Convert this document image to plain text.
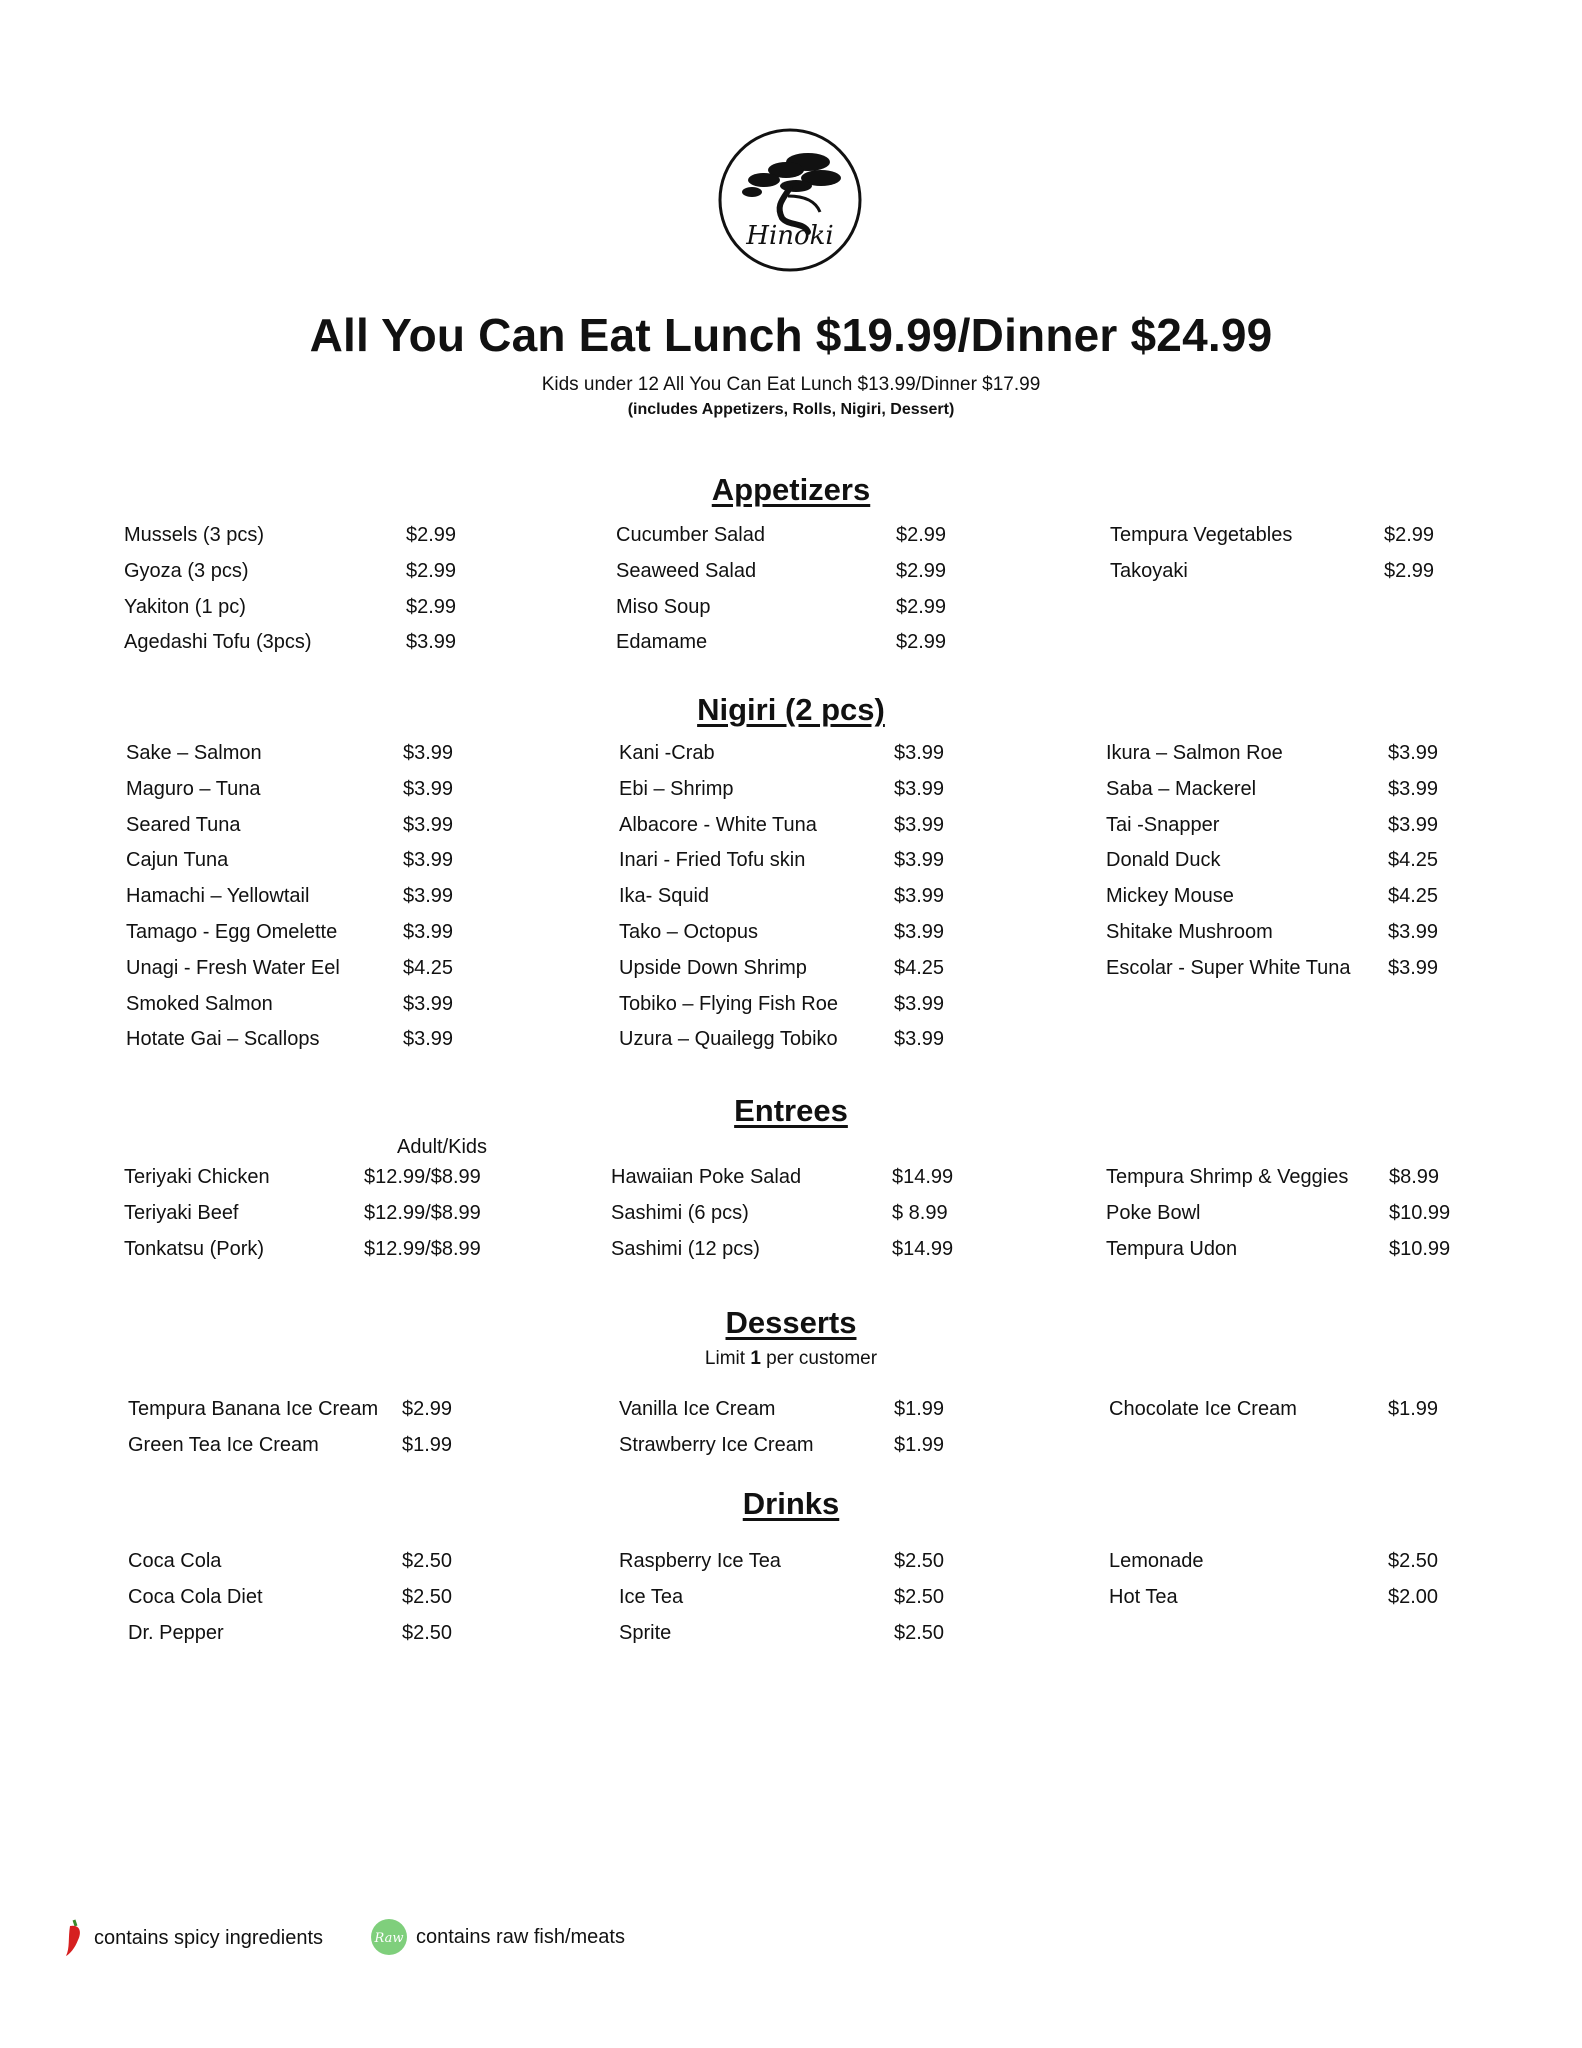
Hinoki
All You Can Eat Lunch $19.99/Dinner $24.99
Kids under 12 All You Can Eat Lunch $13.99/Dinner $17.99
(includes Appetizers, Rolls, Nigiri, Dessert)
Appetizers
Mussels (3 pcs)	$2.99
Gyoza (3 pcs)	$2.99
Yakiton (1 pc)	$2.99
Agedashi Tofu (3pcs)	$3.99
Cucumber Salad	$2.99
Seaweed Salad	$2.99
Miso Soup	$2.99
Edamame	$2.99
Tempura Vegetables	$2.99
Takoyaki	$2.99
Nigiri (2 pcs)
Sake – Salmon	$3.99
Maguro – Tuna	$3.99
Seared Tuna	$3.99
Cajun Tuna	$3.99
Hamachi – Yellowtail	$3.99
Tamago - Egg Omelette	$3.99
Unagi - Fresh Water Eel	$4.25
Smoked Salmon	$3.99
Hotate Gai – Scallops	$3.99
Kani -Crab	$3.99
Ebi – Shrimp	$3.99
Albacore - White Tuna	$3.99
Inari - Fried Tofu skin	$3.99
Ika- Squid	$3.99
Tako – Octopus	$3.99
Upside Down Shrimp	$4.25
Tobiko – Flying Fish Roe	$3.99
Uzura – Quailegg Tobiko	$3.99
Ikura – Salmon Roe	$3.99
Saba – Mackerel	$3.99
Tai -Snapper	$3.99
Donald Duck	$4.25
Mickey Mouse	$4.25
Shitake Mushroom	$3.99
Escolar - Super White Tuna $3.99
Entrees
Adult/Kids
Teriyaki Chicken	$12.99/$8.99
Teriyaki Beef	$12.99/$8.99
Tonkatsu (Pork)	$12.99/$8.99
Hawaiian Poke Salad	$14.99
Sashimi (6 pcs)	$ 8.99
Sashimi (12 pcs)	$14.99
Tempura Shrimp & Veggies $8.99
Poke Bowl	$10.99
Tempura Udon	$10.99
Desserts
Limit 1 per customer
Tempura Banana Ice Cream $2.99
Green Tea Ice Cream	$1.99
Vanilla Ice Cream	$1.99
Strawberry Ice Cream	$1.99
Chocolate Ice Cream	$1.99
Drinks
Coca Cola	$2.50
Coca Cola Diet	$2.50
Dr. Pepper	$2.50
Raspberry Ice Tea	$2.50
Ice Tea	$2.50
Sprite	$2.50
Lemonade	$2.50
Hot Tea	$2.00
contains spicy ingredients	Raw contains raw fish/meats
